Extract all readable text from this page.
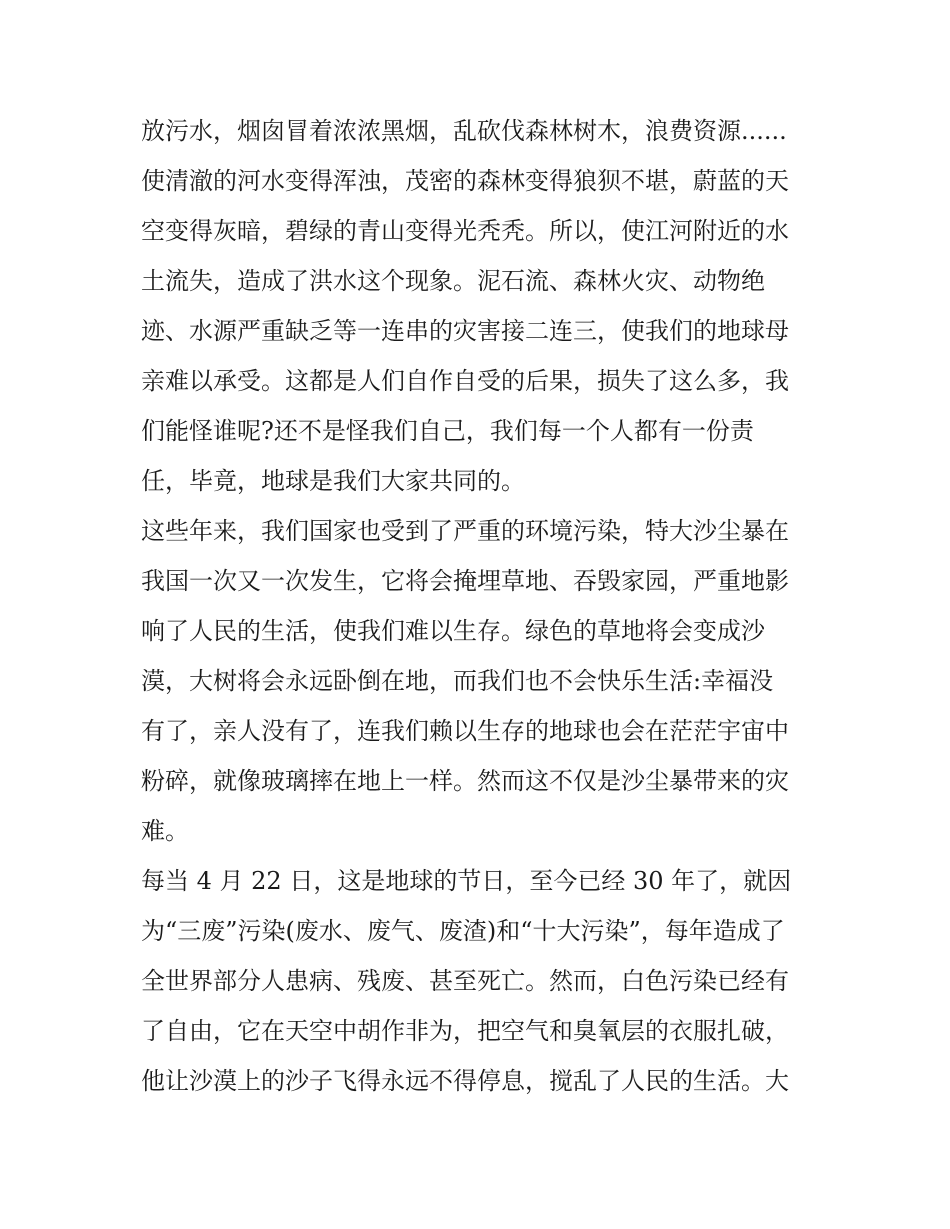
放污水，烟囱冒着浓浓黑烟，乱砍伐森林树木，浪费资源......
使清澈的河水变得浑浊，茂密的森林变得狼狈不堪，蔚蓝的天
空变得灰暗，碧绿的青山变得光秃秃。所以，使江河附近的水
土流失，造成了洪水这个现象。泥石流、森林火灾、动物绝
迹、水源严重缺乏等一连串的灾害接二连三，使我们的地球母
亲难以承受。这都是人们自作自受的后果，损失了这么多，我
们能怪谁呢?还不是怪我们自己，我们每一个人都有一份责
任，毕竟，地球是我们大家共同的。
这些年来，我们国家也受到了严重的环境污染，特大沙尘暴在
我国一次又一次发生，它将会掩埋草地、吞毁家园，严重地影
响了人民的生活，使我们难以生存。绿色的草地将会变成沙
漠，大树将会永远卧倒在地，而我们也不会快乐生活:幸福没
有了，亲人没有了，连我们赖以生存的地球也会在茫茫宇宙中
粉碎，就像玻璃摔在地上一样。然而这不仅是沙尘暴带来的灾
难。
每当 4 月 22 日，这是地球的节日，至今已经 30 年了，就因
为“三废”污染(废水、废气、废渣)和“十大污染”，每年造成了
全世界部分人患病、残废、甚至死亡。然而，白色污染已经有
了自由，它在天空中胡作非为，把空气和臭氧层的衣服扎破，
他让沙漠上的沙子飞得永远不得停息，搅乱了人民的生活。大
